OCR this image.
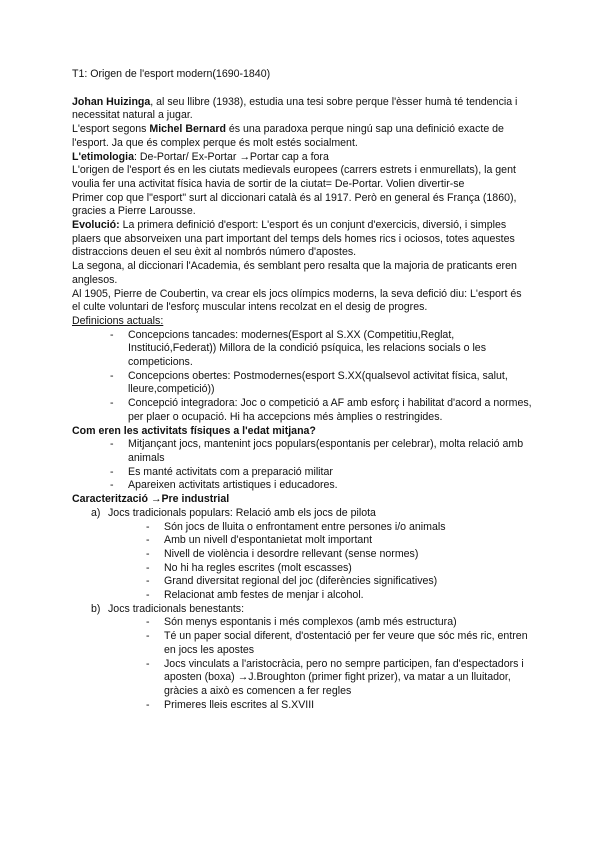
T1: Origen de l'esport modern(1690-1840)

Johan Huizinga, al seu llibre (1938), estudia una tesi sobre perque l'èsser humà té tendencia i necessitat natural a jugar.

L'esport segons Michel Bernard és una paradoxa perque ningú sap una definició exacte de l'esport. Ja que és complex perque és molt estés socialment.

L'etimologia: De-Portar/ Ex-Portar →Portar cap a fora

L'origen de l'esport és en les ciutats medievals europees (carrers estrets i enmurellats), la gent voulia fer una activitat física havia de sortir de la ciutat= De-Portar. Volien divertir-se

Primer cop que l"esport" surt al diccionari català és al 1917. Però en general és França (1860), gracies a Pierre Larousse.

Evolució: La primera definició d'esport: L'esport és un conjunt d'exercicis, diversió, i simples plaers que absorveixen una part important del temps dels homes rics i ociosos, totes aquestes distraccions deuen el seu èxit al nombrós número d'apostes.

La segona, al diccionari l'Academia, és semblant pero resalta que la majoria de praticants eren anglesos.

Al 1905, Pierre de Coubertin, va crear els jocs olímpics moderns, la seva defició diu: L'esport és el culte voluntari de l'esforç muscular intens recolzat en el desig de progres.

Definicions actuals:

- Concepcions tancades: modernes(Esport al S.XX (Competitiu,Reglat, Institució,Federat)) Millora de la condició psíquica, les relacions socials o les competicions.
- Concepcions obertes: Postmodernes(esport S.XX(qualsevol activitat física, salut, lleure,competició))
- Concepció integradora: Joc o competició a AF amb esforç i habilitat d'acord a normes, per plaer o ocupació. Hi ha accepcions més àmplies o restringides.

Com eren les activitats físiques a l'edat mitjana?

- Mitjançant jocs, mantenint jocs populars(espontanis per celebrar), molta relació amb animals
- Es manté activitats com a preparació militar
- Apareixen activitats artistiques i educadores.

Caracterització →Pre industrial

a) Jocs tradicionals populars: Relació amb els jocs de pilota
- Són jocs de lluita o enfrontament entre persones i/o animals
- Amb un nivell d'espontanietat molt important
- Nivell de violència i desordre rellevant (sense normes)
- No hi ha regles escrites (molt escasses)
- Grand diversitat regional del joc (diferències significatives)
- Relacionat amb festes de menjar i alcohol.
b) Jocs tradicionals benestants:
- Són menys espontanis i més complexos (amb més estructura)
- Té un paper social diferent, d'ostentació per fer veure que sóc més ric, entren en jocs les apostes
- Jocs vinculats a l'aristocràcia, pero no sempre participen, fan d'espectadors i aposten (boxa) →J.Broughton (primer fight prizer), va matar a un lluitador, gràcies a això es comencen a fer regles
- Primeres lleis escrites al S.XVIII
